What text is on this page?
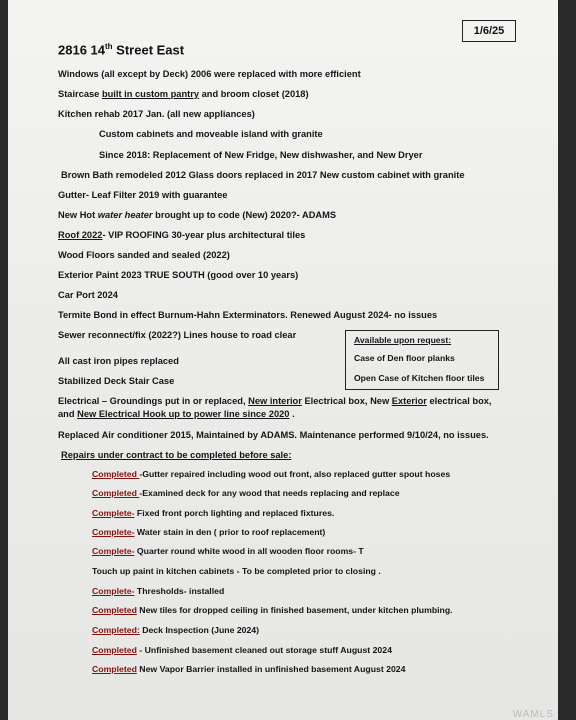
1/6/25
2816 14th Street East
Windows (all except by Deck) 2006 were replaced with more efficient
Staircase built in custom pantry and broom closet (2018)
Kitchen rehab 2017 Jan. (all new appliances)
Custom cabinets and moveable island with granite
Since 2018: Replacement of New Fridge, New dishwasher, and New Dryer
Brown Bath remodeled 2012 Glass doors replaced in 2017 New custom cabinet with granite
Gutter- Leaf Filter 2019 with guarantee
New Hot water heater brought up to code (New) 2020?- ADAMS
Roof 2022- VIP ROOFING 30-year plus architectural tiles
Wood Floors sanded and sealed (2022)
Exterior Paint 2023 TRUE SOUTH (good over 10 years)
Car Port 2024
Termite Bond in effect Burnum-Hahn Exterminators. Renewed August 2024- no issues
Sewer reconnect/fix (2022?) Lines house to road clear
All cast iron pipes replaced
Stabilized Deck Stair Case
Available upon request:
Case of Den floor planks
Open Case of Kitchen floor tiles
Electrical – Groundings put in or replaced, New interior Electrical box, New Exterior electrical box,
and New Electrical Hook up to power line since 2020 .
Replaced Air conditioner 2015, Maintained by ADAMS. Maintenance performed 9/10/24, no issues.
Repairs under contract to be completed before sale:
Completed -Gutter repaired including wood out front, also replaced gutter spout hoses
Completed -Examined deck for any wood that needs replacing and replace
Complete- Fixed front porch lighting and replaced fixtures.
Complete- Water stain in den ( prior to roof replacement)
Complete- Quarter round white wood in all wooden floor rooms- T
Touch up paint in kitchen cabinets - To be completed prior to closing .
Complete- Thresholds- installed
Completed New tiles for dropped ceiling in finished basement, under kitchen plumbing.
Completed: Deck Inspection (June 2024)
Completed - Unfinished basement cleaned out storage stuff August 2024
Completed New Vapor Barrier installed in unfinished basement August 2024
WAMLS
